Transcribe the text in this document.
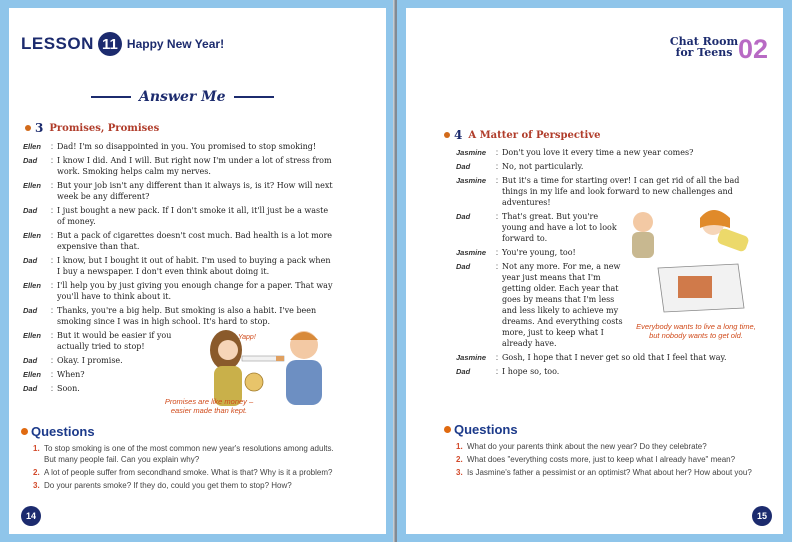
LESSON 11 Happy New Year!
Answer Me
3 Promises, Promises
Ellen	: Dad! I'm so disappointed in you. You promised to stop smoking!
Dad	: I know I did. And I will. But right now I'm under a lot of stress from work. Smoking helps calm my nerves.
Ellen	: But your job isn't any different than it always is, is it? How will next week be any different?
Dad	: I just bought a new pack. If I don't smoke it all, it'll just be a waste of money.
Ellen	: But a pack of cigarettes doesn't cost much. Bad health is a lot more expensive than that.
Dad	: I know, but I bought it out of habit. I'm used to buying a pack when I buy a newspaper. I don't even think about doing it.
Ellen	: I'll help you by just giving you enough change for a paper. That way you'll have to think about it.
Dad	: Thanks, you're a big help. But smoking is also a habit. I've been smoking since I was in high school. It's hard to stop.
Ellen	: But it would be easier if you actually tried to stop!
Dad	: Okay. I promise.
Ellen	: When?
Dad	: Soon.
Yapp!
Promises are like money – easier made than kept.
Questions
1. To stop smoking is one of the most common new year's resolutions among adults. But many people fail. Can you explain why?
2. A lot of people suffer from secondhand smoke. What is that? Why is it a problem?
3. Do your parents smoke? If they do, could you get them to stop? How?
14
Chat Room
for Teens 02
4 A Matter of Perspective
Jasmine	: Don't you love it every time a new year comes?
Dad	: No, not particularly.
Jasmine	: But it's a time for starting over! I can get rid of all the bad things in my life and look forward to new challenges and adventures!
Dad	: That's great. But you're young and have a lot to look forward to.
Jasmine	: You're young, too!
Dad	: Not any more. For me, a new year just means that I'm getting older. Each year that goes by means that I'm less and less likely to achieve my dreams. And everything costs more, just to keep what I already have.
Jasmine	: Gosh, I hope that I never get so old that I feel that way.
Dad	: I hope so, too.
Everybody wants to live a long time, but nobody wants to get old.
Questions
1. What do your parents think about the new year? Do they celebrate?
2. What does "everything costs more, just to keep what I already have" mean?
3. Is Jasmine's father a pessimist or an optimist? What about her? How about you?
15
